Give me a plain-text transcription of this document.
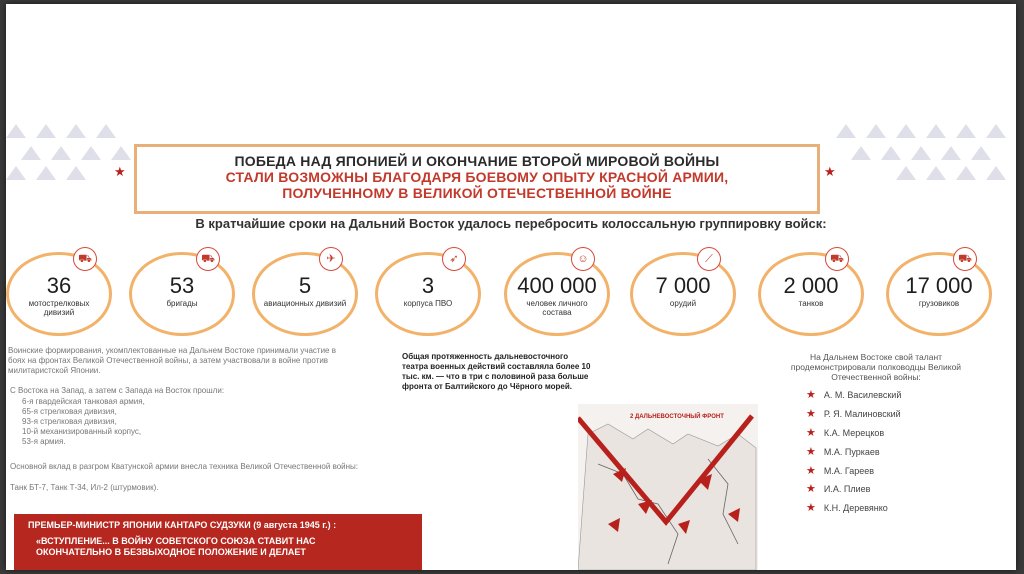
★	★
ПОБЕДА НАД ЯПОНИЕЙ И ОКОНЧАНИЕ ВТОРОЙ МИРОВОЙ ВОЙНЫ
СТАЛИ ВОЗМОЖНЫ БЛАГОДАРЯ БОЕВОМУ ОПЫТУ КРАСНОЙ АРМИИ,
ПОЛУЧЕННОМУ В ВЕЛИКОЙ ОТЕЧЕСТВЕННОЙ ВОЙНЕ
В кратчайшие сроки на Дальний Восток удалось перебросить колоссальную группировку войск:
⛟
36
мотострелковых дивизий
⛟
53
бригады
✈
5
авиационных дивизий
➶
3
корпуса ПВО
☺
400 000
человек личного состава
⟋
7 000
орудий
⛟
2 000
танков
⛟
17 000
грузовиков
Воинские формирования, укомплектованные на Дальнем Востоке принимали участие в боях на фронтах Великой Отечественной войны, а затем участвовали в войне против милитаристской Японии.
С Востока на Запад, а затем с Запада на Восток прошли:
6-я гвардейская танковая армия,
65-я стрелковая дивизия,
93-я стрелковая дивизия,
10-й механизированный корпус,
53-я армия.
Основной вклад в разгром Кватунской армии внесла техника Великой Отечественной войны:
Танк БТ-7, Танк Т-34, Ил-2 (штурмовик).
Общая протяженность дальневосточного театра военных действий составляла более 10 тыс. км. — что в три с половиной раза больше фронта от Балтийского до Чёрного морей.
2 ДАЛЬНЕВОСТОЧНЫЙ ФРОНТ
На Дальнем Востоке свой талант продемонстрировали полководцы Великой Отечественной войны:
★ А. М. Василевский
★ Р. Я. Малиновский
★ К.А. Мерецков
★ М.А. Пуркаев
★ М.А. Гареев
★ И.А. Плиев
★ К.Н. Деревянко
ПРЕМЬЕР-МИНИСТР ЯПОНИИ КАНТАРО СУДЗУКИ (9 августа 1945 г.) :
«ВСТУПЛЕНИЕ... В ВОЙНУ СОВЕТСКОГО СОЮЗА СТАВИТ НАС
ОКОНЧАТЕЛЬНО В БЕЗВЫХОДНОЕ ПОЛОЖЕНИЕ И ДЕЛАЕТ
